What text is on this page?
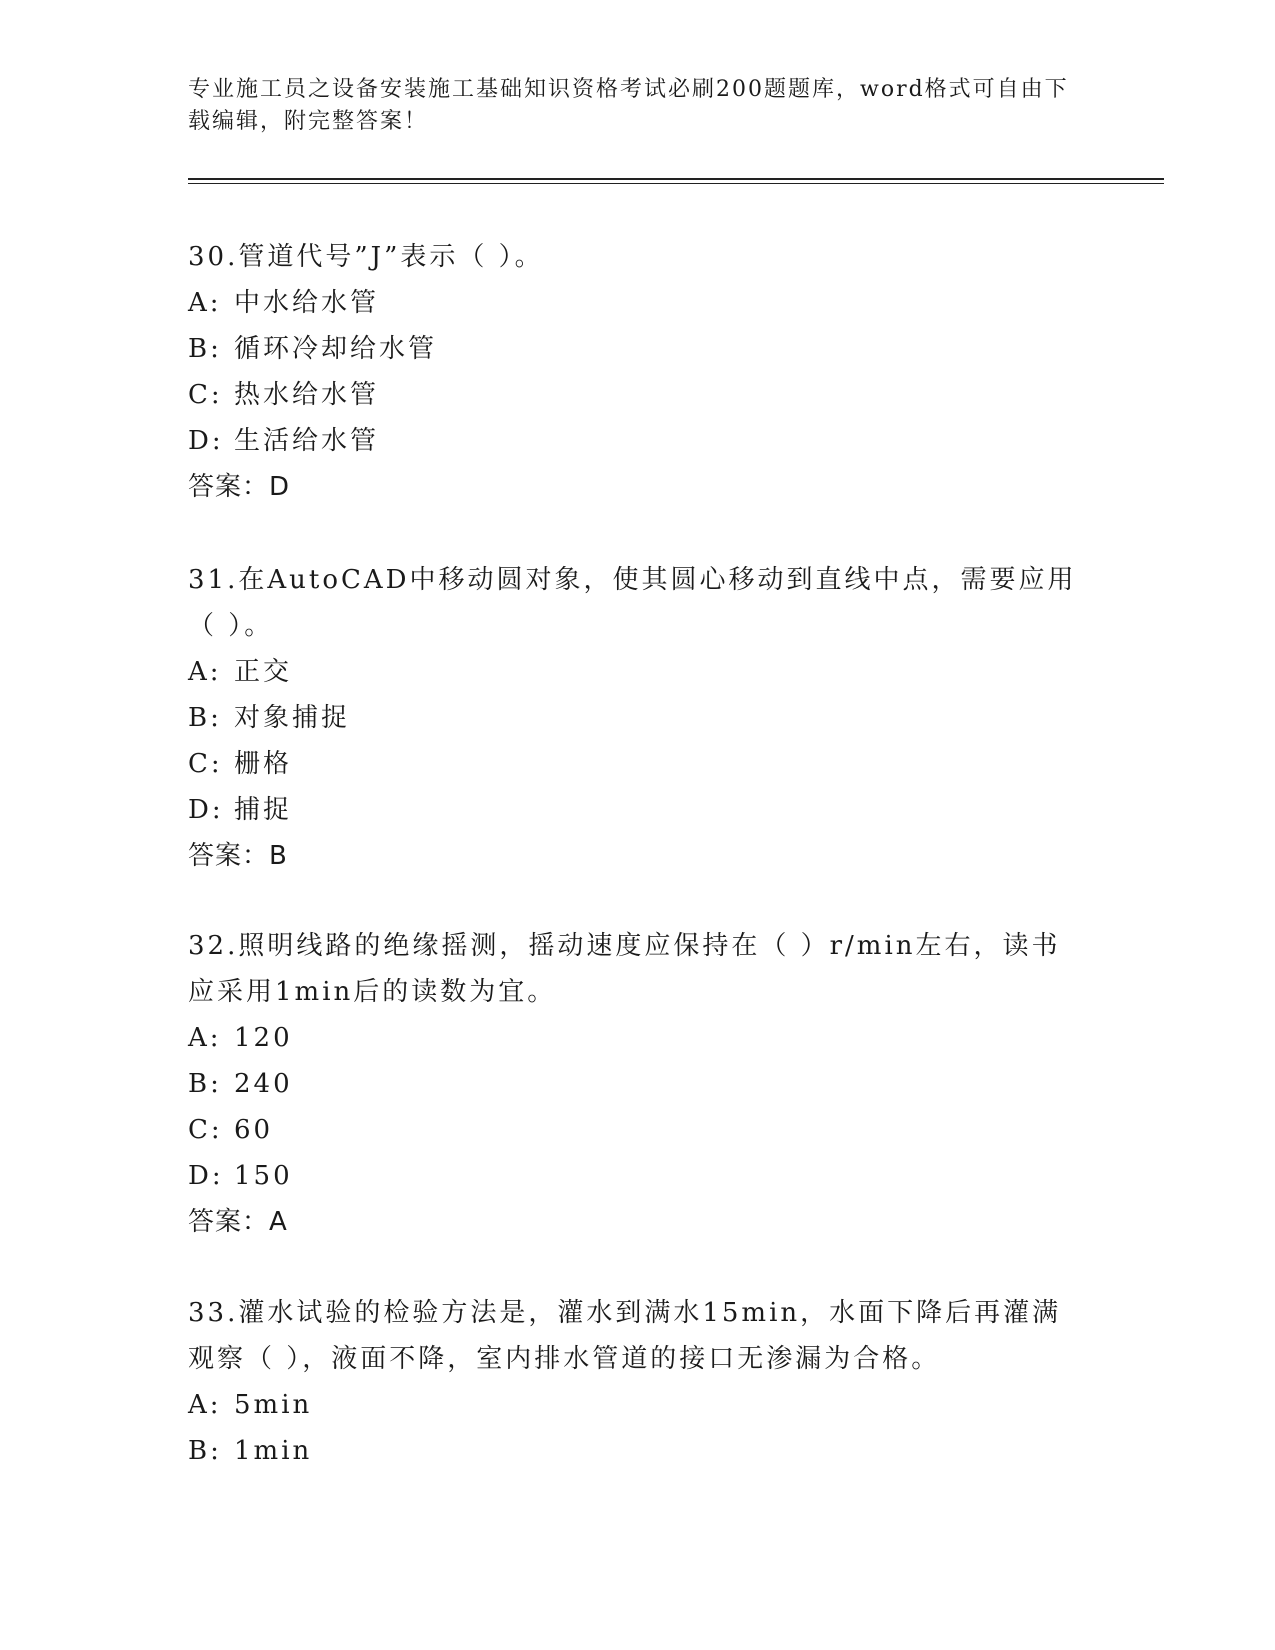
专业施工员之设备安装施工基础知识资格考试必刷200题题库，word格式可自由下载编辑，附完整答案！

30.管道代号”J”表示（ ）。

A: 中水给水管

B: 循环冷却给水管

C: 热水给水管

D: 生活给水管

答案：D

31.在AutoCAD中移动圆对象，使其圆心移动到直线中点，需要应用（ ）。

A: 正交

B: 对象捕捉

C: 栅格

D: 捕捉

答案：B

32.照明线路的绝缘摇测，摇动速度应保持在（ ）r/min左右，读书应采用1min后的读数为宜。

A: 120

B: 240

C: 60

D: 150

答案：A

33.灌水试验的检验方法是，灌水到满水15min，水面下降后再灌满观察（ ），液面不降，室内排水管道的接口无渗漏为合格。

A: 5min

B: 1min
